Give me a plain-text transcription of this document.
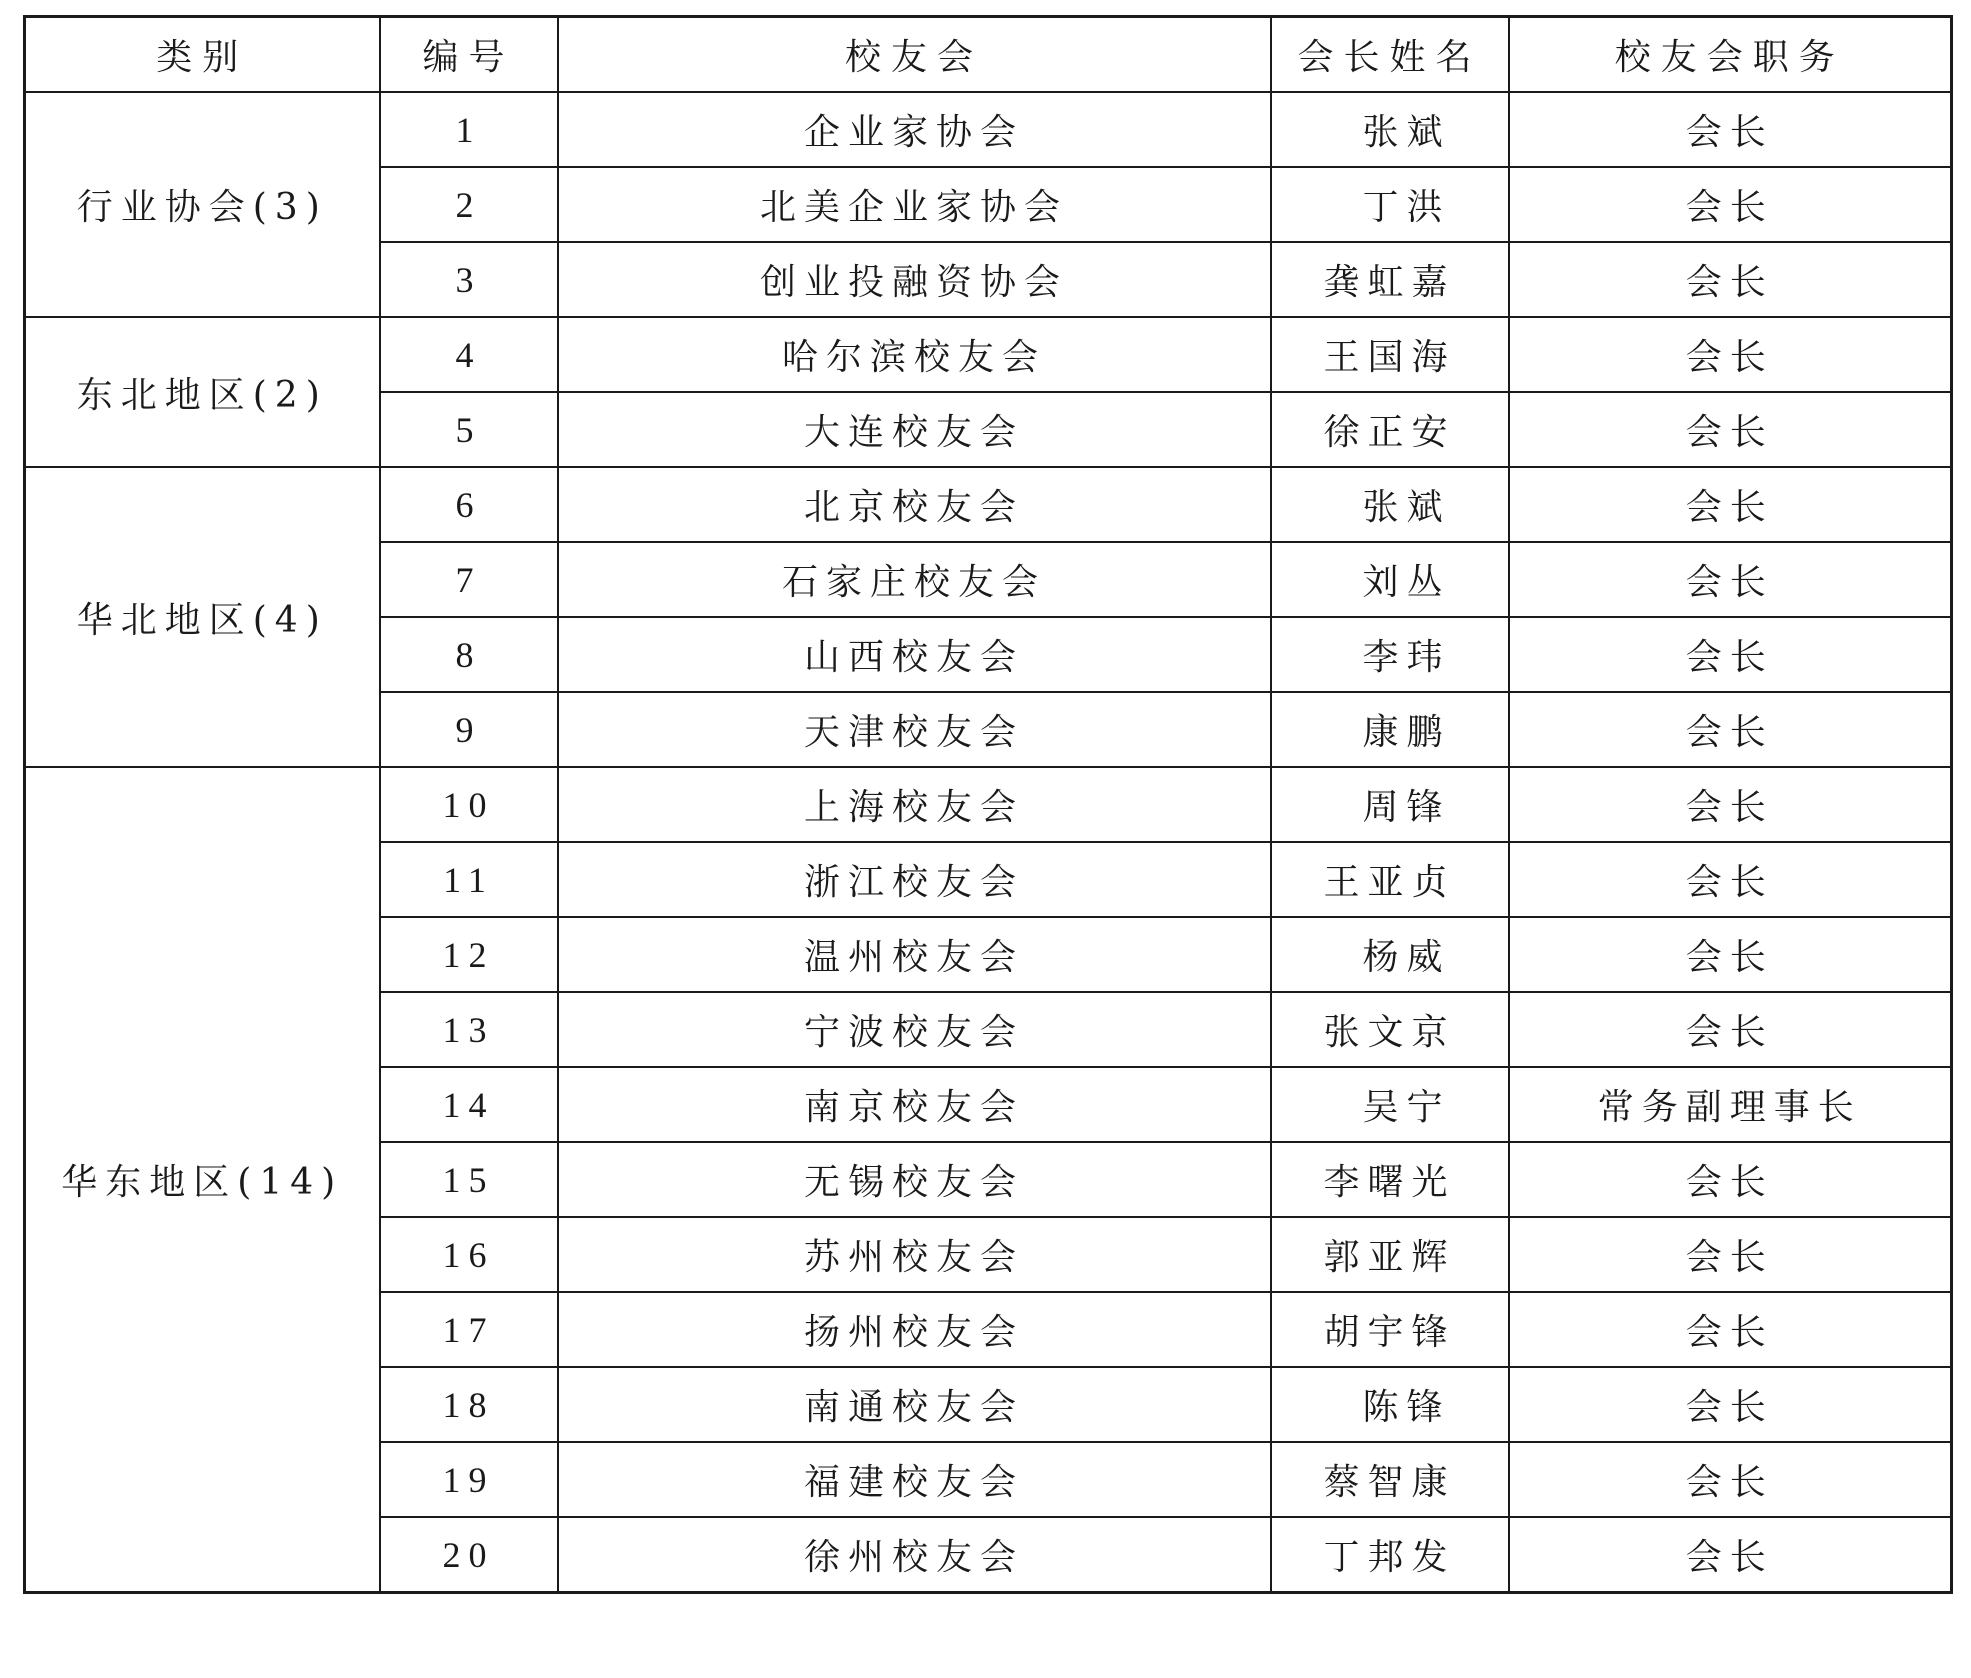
类别	编号	校友会	会长姓名	校友会职务
行业协会(3)	1	企业家协会	张斌	会长
	2	北美企业家协会	丁洪	会长
	3	创业投融资协会	龚虹嘉	会长
东北地区(2)	4	哈尔滨校友会	王国海	会长
	5	大连校友会	徐正安	会长
华北地区(4)	6	北京校友会	张斌	会长
	7	石家庄校友会	刘丛	会长
	8	山西校友会	李玮	会长
	9	天津校友会	康鹏	会长
华东地区(14)	10	上海校友会	周锋	会长
	11	浙江校友会	王亚贞	会长
	12	温州校友会	杨威	会长
	13	宁波校友会	张文京	会长
	14	南京校友会	吴宁	常务副理事长
	15	无锡校友会	李曙光	会长
	16	苏州校友会	郭亚辉	会长
	17	扬州校友会	胡宇锋	会长
	18	南通校友会	陈锋	会长
	19	福建校友会	蔡智康	会长
	20	徐州校友会	丁邦发	会长
